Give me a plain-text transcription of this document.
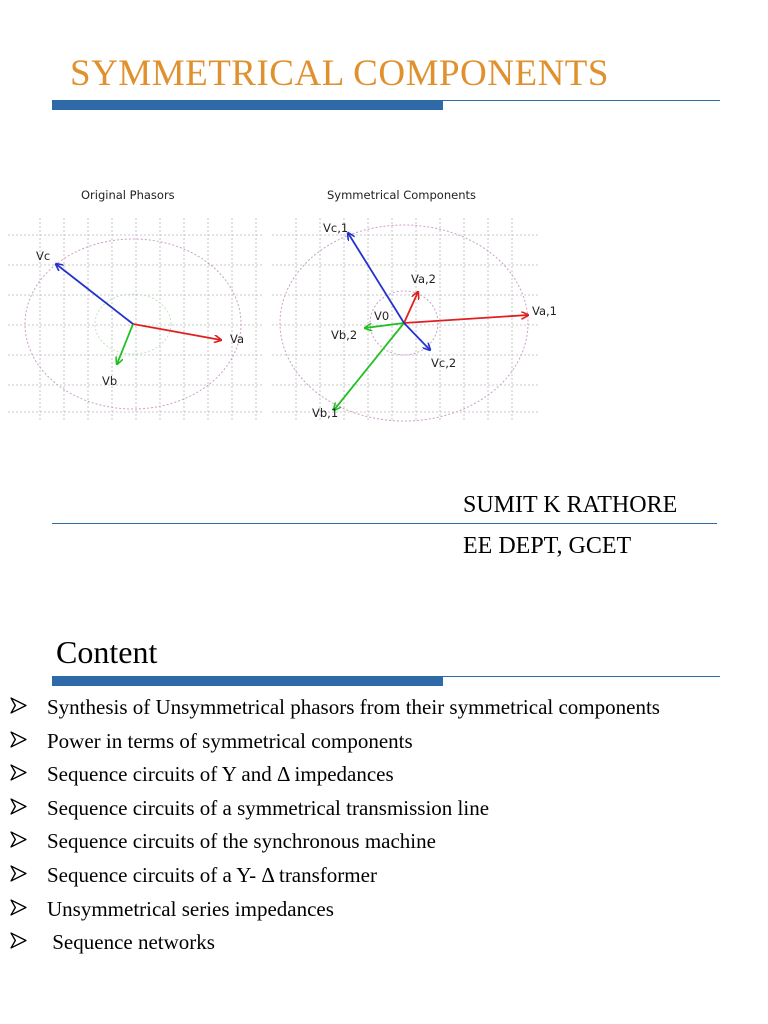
SYMMETRICAL COMPONENTS
Original Phasors
Va
Vb
Vc
Symmetrical Components
Va,1
Va,2
V0
Vb,2
Vb,1
Vc,1
Vc,2
SUMIT K RATHORE
EE DEPT, GCET
Content
Synthesis of Unsymmetrical phasors from their symmetrical components
Power in terms of symmetrical components
Sequence circuits of Y and Δ impedances
Sequence circuits of a symmetrical transmission line
Sequence circuits of the synchronous machine
Sequence circuits of a Y- Δ transformer
Unsymmetrical series impedances
Sequence networks
